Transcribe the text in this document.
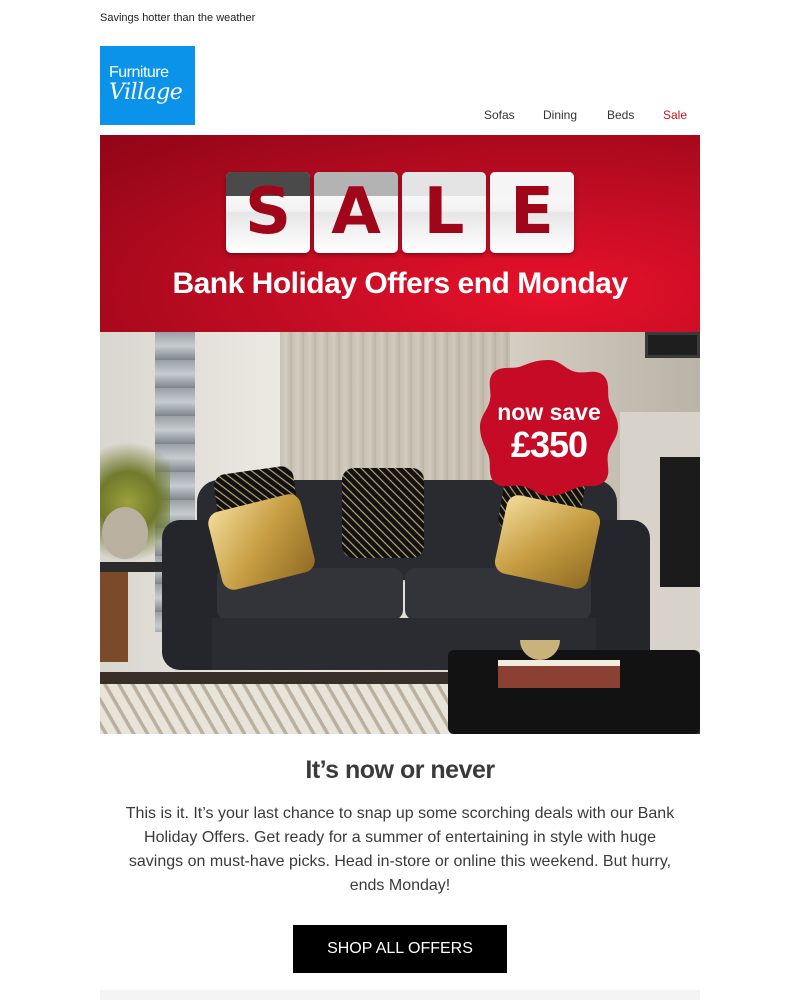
Savings hotter than the weather
Furniture
Village
Sofas Dining Beds Sale
S A L E
Bank Holiday Offers end Monday
now save
£350
It’s now or never

This is it. It’s your last chance to snap up some scorching deals with our Bank Holiday Offers. Get ready for a summer of entertaining in style with huge savings on must-have picks. Head in-store or online this weekend. But hurry, ends Monday!

SHOP ALL OFFERS
